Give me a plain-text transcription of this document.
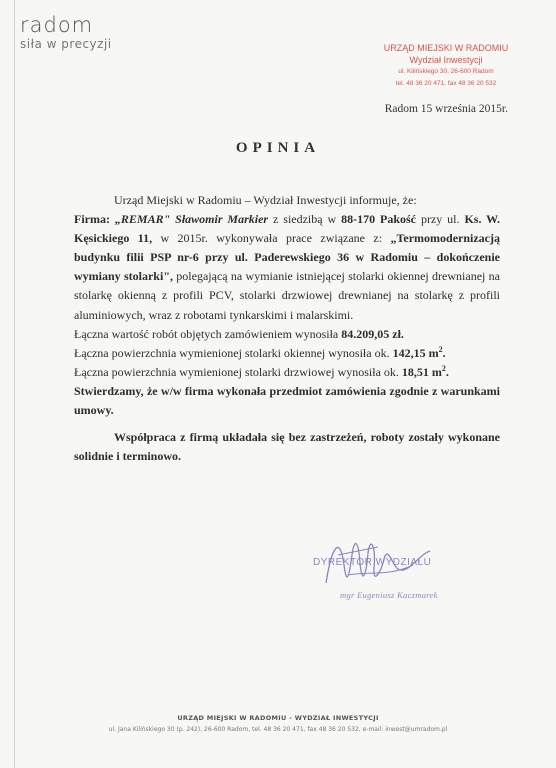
radom
siła w precyzji	URZĄD MIEJSKI W RADOMIU
Wydział Inwestycji
ul. Kilińskiego 30, 26-600 Radom
tel. 48 36 20 471, fax 48 36 20 532
Radom 15 września 2015r.
OPINIA

Urząd Miejski w Radomiu – Wydział Inwestycji informuje, że:

Firma: „REMAR" Sławomir Markier z siedzibą w 88-170 Pakość przy ul. Ks. W. Kęsickiego 11, w 2015r. wykonywała prace związane z: „Termomodernizacją budynku filii PSP nr-6 przy ul. Paderewskiego 36 w Radomiu – dokończenie wymiany stolarki", polegającą na wymianie istniejącej stolarki okiennej drewnianej na stolarkę okienną z profili PCV, stolarki drzwiowej drewnianej na stolarkę z profili aluminiowych, wraz z robotami tynkarskimi i malarskimi.

Łączna wartość robót objętych zamówieniem wynosiła 84.209,05 zł.

Łączna powierzchnia wymienionej stolarki okiennej wynosiła ok. 142,15 $m^2$.

Łączna powierzchnia wymienionej stolarki drzwiowej wynosiła ok. 18,51 $m^2$.

Stwierdzamy, że w/w firma wykonała przedmiot zamówienia zgodnie z warunkami umowy.

Współpraca z firmą układała się bez zastrzeżeń, roboty zostały wykonane solidnie i terminowo.

DYREKTOR WYDZIAŁU
mgr Eugeniusz Kaczmarek
URZĄD MIEJSKI W RADOMIU - WYDZIAŁ INWESTYCJI
ul. Jana Kilińskiego 30 (p. 242), 26-600 Radom, tel. 48 36 20 471, fax 48 36 20 532, e-mail: inwest@umradom.pl
